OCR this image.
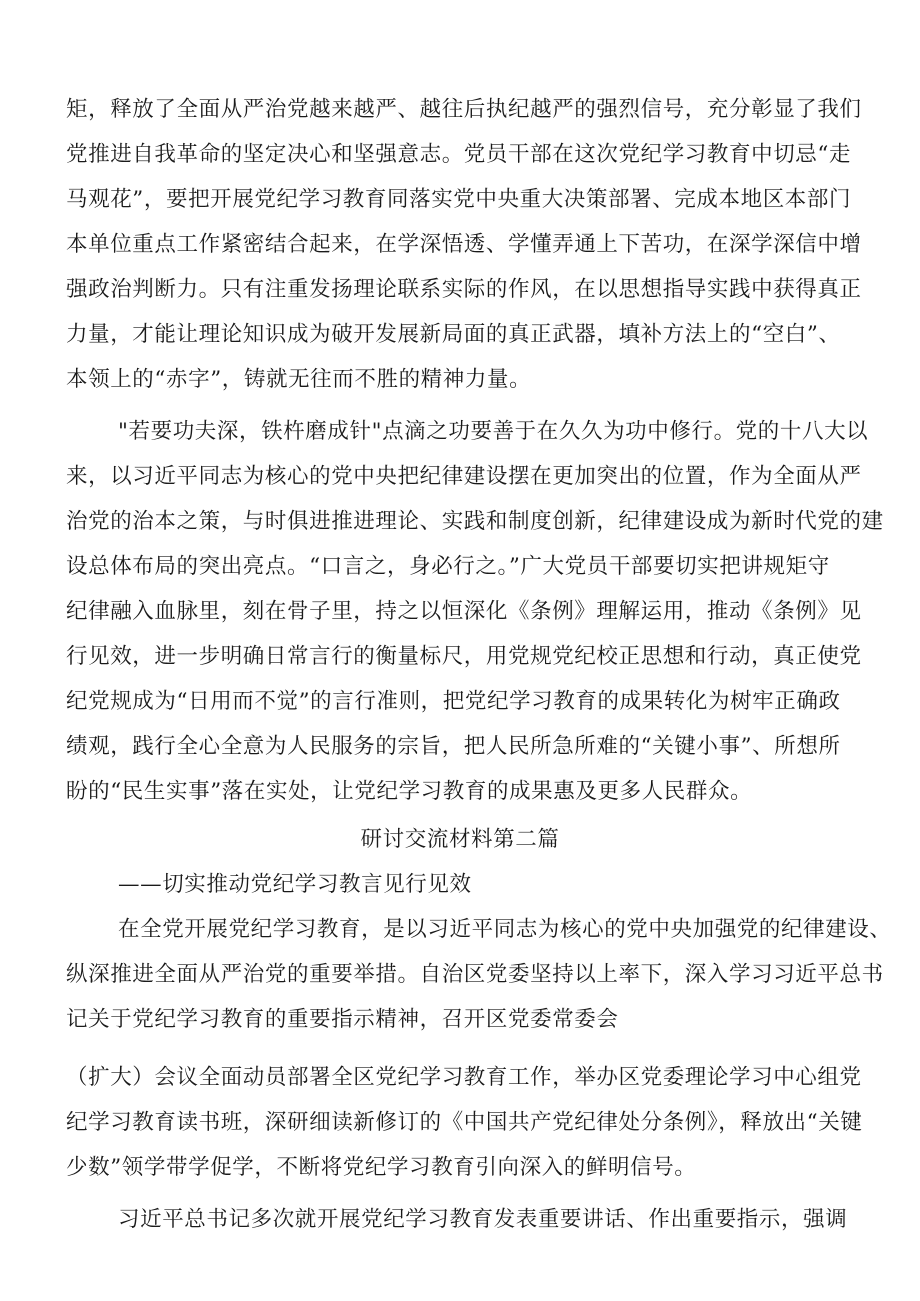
矩，释放了全面从严治党越来越严、越往后执纪越严的强烈信号，充分彰显了我们
党推进自我革命的坚定决心和坚强意志。党员干部在这次党纪学习教育中切忌“走
马观花”，要把开展党纪学习教育同落实党中央重大决策部署、完成本地区本部门
本单位重点工作紧密结合起来，在学深悟透、学懂弄通上下苦功，在深学深信中增
强政治判断力。只有注重发扬理论联系实际的作风，在以思想指导实践中获得真正
力量，才能让理论知识成为破开发展新局面的真正武器，填补方法上的“空白”、
本领上的“赤字”，铸就无往而不胜的精神力量。
"若要功夫深，铁杵磨成针"点滴之功要善于在久久为功中修行。党的十八大以
来，以习近平同志为核心的党中央把纪律建设摆在更加突出的位置，作为全面从严
治党的治本之策，与时俱进推进理论、实践和制度创新，纪律建设成为新时代党的建
设总体布局的突出亮点。“口言之，身必行之。”广大党员干部要切实把讲规矩守
纪律融入血脉里，刻在骨子里，持之以恒深化《条例》理解运用，推动《条例》见
行见效，进一步明确日常言行的衡量标尺，用党规党纪校正思想和行动，真正使党
纪党规成为“日用而不觉”的言行准则，把党纪学习教育的成果转化为树牢正确政
绩观，践行全心全意为人民服务的宗旨，把人民所急所难的“关键小事”、所想所
盼的“民生实事”落在实处，让党纪学习教育的成果惠及更多人民群众。
研讨交流材料第二篇
——切实推动党纪学习教言见行见效
在全党开展党纪学习教育，是以习近平同志为核心的党中央加强党的纪律建设、
纵深推进全面从严治党的重要举措。自治区党委坚持以上率下，深入学习习近平总书
记关于党纪学习教育的重要指示精神，召开区党委常委会
（扩大）会议全面动员部署全区党纪学习教育工作，举办区党委理论学习中心组党
纪学习教育读书班，深研细读新修订的《中国共产党纪律处分条例》，释放出“关键
少数”领学带学促学，不断将党纪学习教育引向深入的鲜明信号。
习近平总书记多次就开展党纪学习教育发表重要讲话、作出重要指示，强调
